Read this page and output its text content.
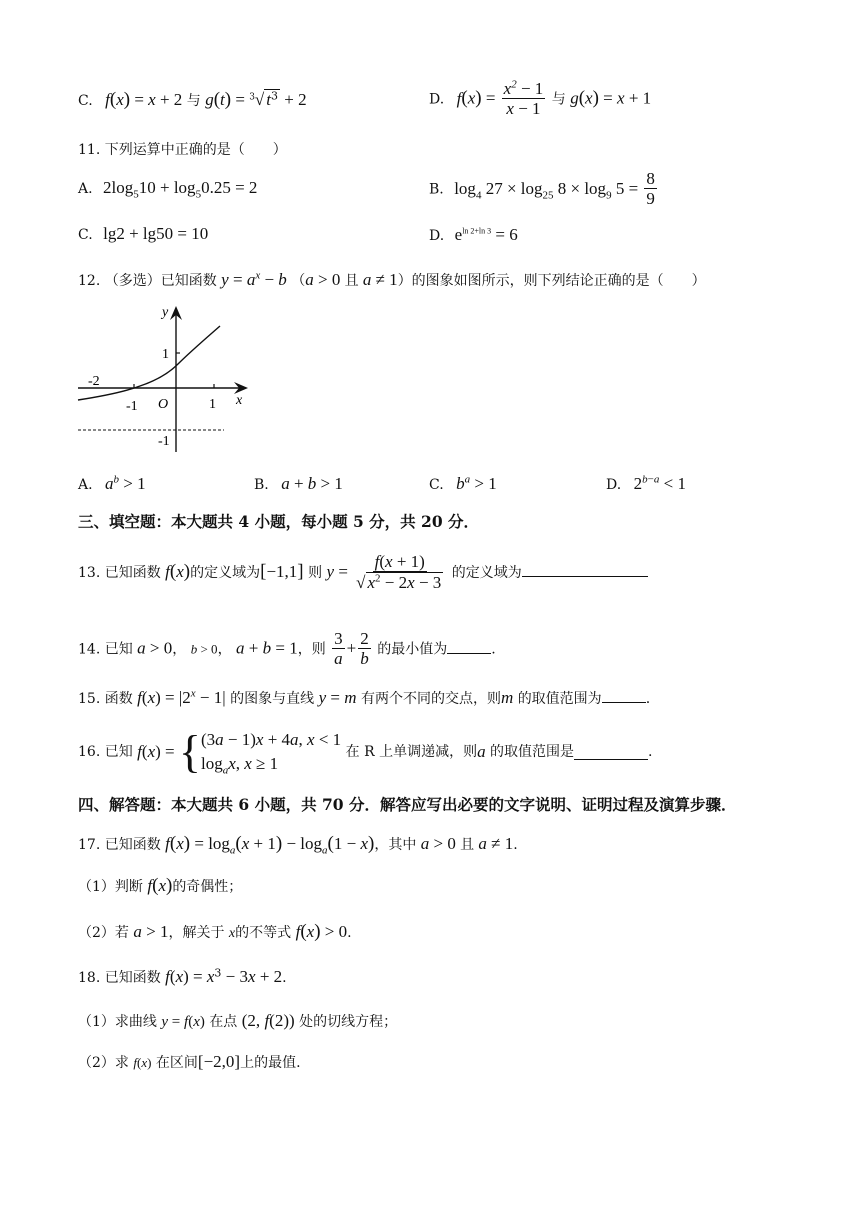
C. f(x) = x + 2 与 g(t) = $^3$√ $t^3 + 2$	D. $f(x) = \frac{x^2 - 1}{x - 1}$ 与 g(x) = x + 1
11. 下列运算中正确的是（　　）
A. $2\log_510 + \log_50.25 = 2$	B. $\log_4 27 \times \log_{25} 8 \times \log_9 5 = \frac{8}{9}$
C. lg2 + lg50 = 10	D. $e^{ln 2+ln 3} = 6$
12. （多选）已知函数 $y = a^x - b$ （a > 0 且 a ≠ 1）的图象如图所示，则下列结论正确的是（　　）
y
x
1
-2
-1 O	1
-1
A. $a^b > 1$	B. a + b > 1	C. $b^a > 1$	D. $2^{b-a} < 1$
三、填空题：本大题共 4 小题，每小题 5 分，共 20 分．
13. 已知函数 f(x)的定义域为[−1,1] 则 $y = \frac{f(x + 1)}{√ x^2 - 2x - 3}$ 的定义域为
14. 已知 a > 0， b > 0， a + b = 1，则 $\frac{3}{a} + \frac{2}{b}$ 的最小值为	.
15. 函数 $f(x) = |2^x - 1|$ 的图象与直线 y = m 有两个不同的交点，则m 的取值范围为	.
16. 已知 f(x) = { (3a − 1)x + 4a, x < 1
$\log_ax$, x ≥ 1
在 R 上单调递减，则a 的取值范围是	.
四、解答题：本大题共 6 小题，共 70 分．解答应写出必要的文字说明、证明过程及演算步骤．
17. 已知函数 $f(x) = \log_a(x + 1) - \log_a(1 - x)$，其中 a > 0 且 a ≠ 1.
（1）判断 f(x)的奇偶性；
（2）若 a > 1，解关于 x的不等式 f(x) > 0.
18. 已知函数 $f(x) = x^3 - 3x + 2$.
（1）求曲线 y = f(x) 在点 (2, f(2)) 处的切线方程；
（2）求 f(x) 在区间[−2,0]上的最值.
